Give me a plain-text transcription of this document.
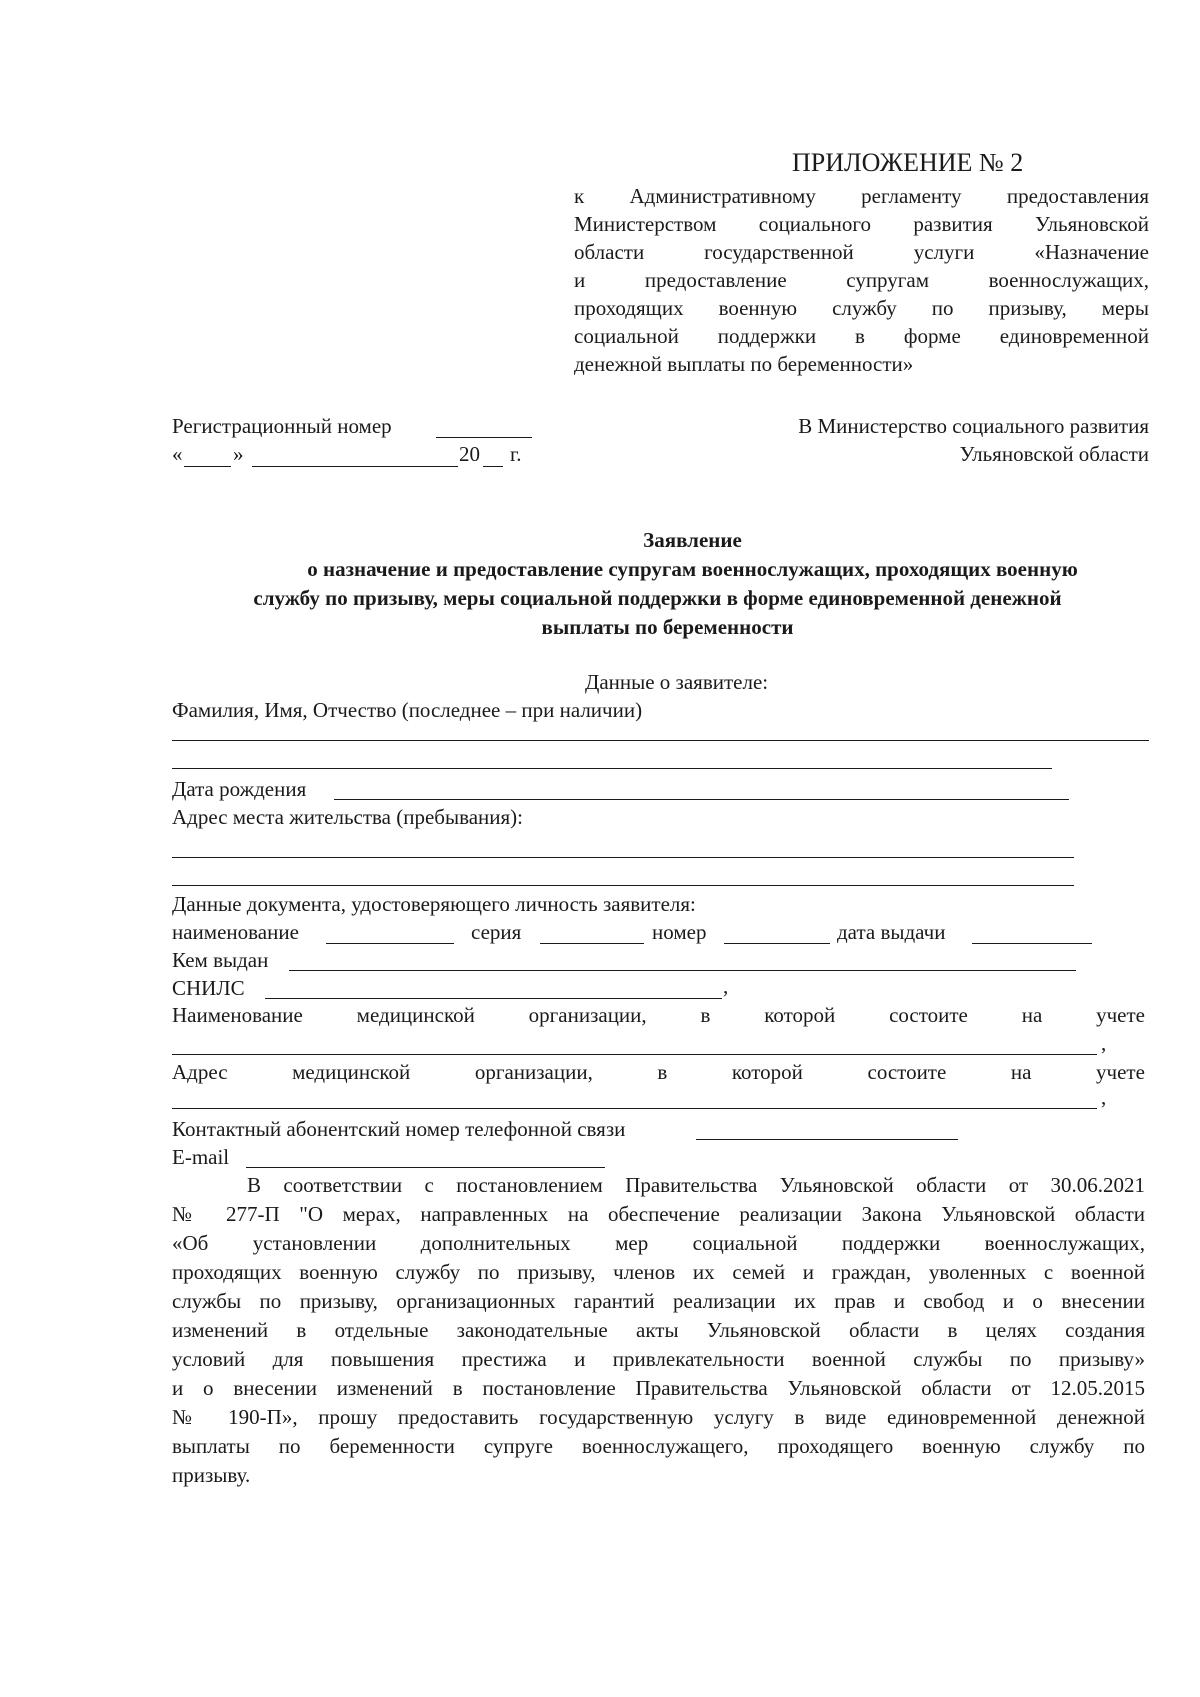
ПРИЛОЖЕНИЕ № 2
к Административному регламенту предоставления
Министерством социального развития Ульяновской
области государственной услуги «Назначение
и предоставление супругам военнослужащих,
проходящих военную службу по призыву, меры
социальной поддержки в форме единовременной
денежной выплаты по беременности»
Регистрационный номер
« »	20 г.
В Министерство социального развития
Ульяновской области
Заявление
о назначение и предоставление супругам военнослужащих, проходящих военную
службу по призыву, меры социальной поддержки в форме единовременной денежной
выплаты по беременности
Данные о заявителе:
Фамилия, Имя, Отчество (последнее – при наличии)
Дата рождения
Адрес места жительства (пребывания):
Данные документа, удостоверяющего личность заявителя:
наименование	серия	номер	дата выдачи
Кем выдан
СНИЛС	,
Наименование	медицинской	организации,	в	которой	состоите	на	учете
,
Адрес	медицинской	организации,	в	которой	состоите	на	учете
,
Контактный абонентский номер телефонной связи
E-mail
В соответствии с постановлением Правительства Ульяновской области от 30.06.2021
№ 277-П "О мерах, направленных на обеспечение реализации Закона Ульяновской области
«Об установлении дополнительных мер социальной поддержки военнослужащих,
проходящих военную службу по призыву, членов их семей и граждан, уволенных с военной
службы по призыву, организационных гарантий реализации их прав и свобод и о внесении
изменений в отдельные законодательные акты Ульяновской области в целях создания
условий для повышения престижа и привлекательности военной службы по призыву»
и о внесении изменений в постановление Правительства Ульяновской области от 12.05.2015
№ 190-П», прошу предоставить государственную услугу в виде единовременной денежной
выплаты по беременности супруге военнослужащего, проходящего военную службу по
призыву.
